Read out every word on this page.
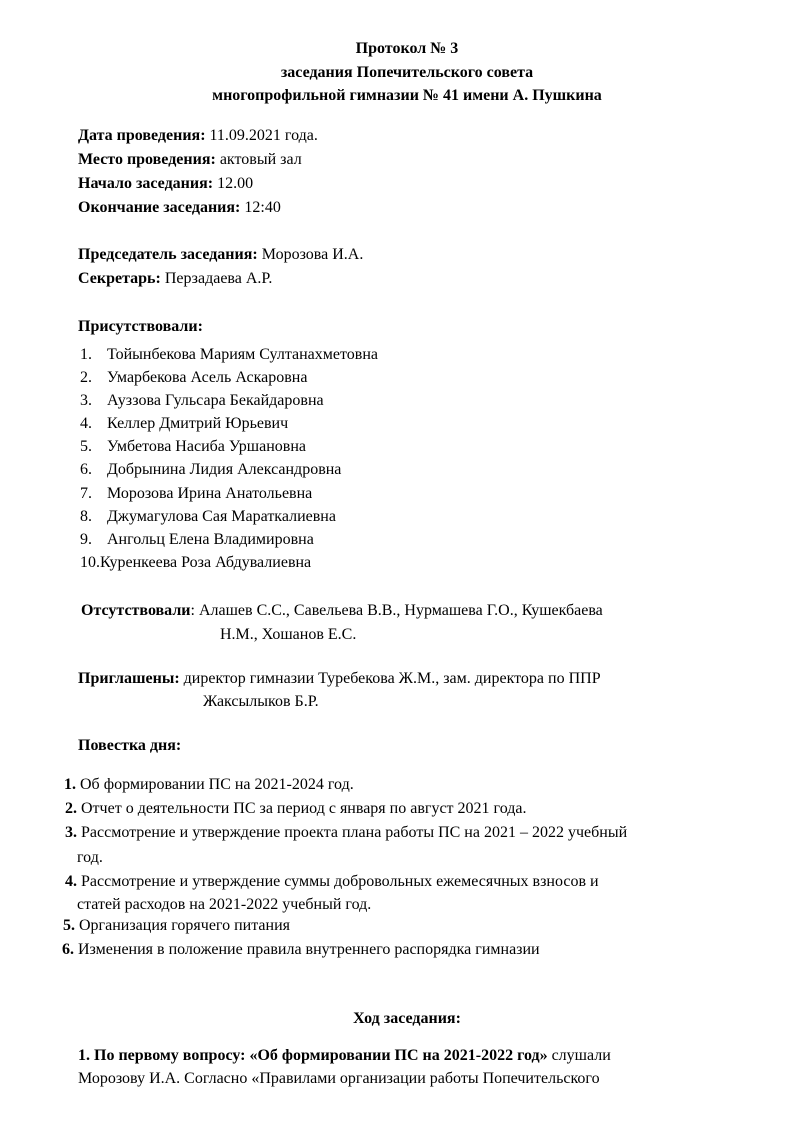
Протокол № 3
заседания Попечительского совета
многопрофильной гимназии № 41 имени А. Пушкина
Дата проведения: 11.09.2021 года.
Место проведения: актовый зал
Начало заседания: 12.00
Окончание заседания: 12:40
Председатель заседания: Морозова И.А.
Секретарь: Перзадаева А.Р.
Присутствовали:
1. Тойынбекова Мариям Султанахметовна
2. Умарбекова Асель Аскаровна
3. Ауззова Гульсара Бекайдаровна
4. Келлер Дмитрий Юрьевич
5. Умбетова Насиба Уршановна
6. Добрынина Лидия Александровна
7. Морозова Ирина Анатольевна
8. Джумагулова Сая Мараткалиевна
9. Ангольц Елена Владимировна
10.Куренкеева Роза Абдувалиевна
Отсутствовали: Алашев С.С., Савельева В.В., Нурмашева Г.О., Кушекбаева
Н.М., Хошанов Е.С.
Приглашены: директор гимназии Туребекова Ж.М., зам. директора по ППР
Жаксылыков Б.Р.
Повестка дня:
1. Об формировании ПС на 2021-2024 год.
2. Отчет о деятельности ПС за период с января по август 2021 года.
3. Рассмотрение и утверждение проекта плана работы ПС на 2021 – 2022 учебный
год.
4. Рассмотрение и утверждение суммы добровольных ежемесячных взносов и
статей расходов на 2021-2022 учебный год.
5. Организация горячего питания
6. Изменения в положение правила внутреннего распорядка гимназии
Ход заседания:
1. По первому вопросу: «Об формировании ПС на 2021-2022 год» слушали
Морозову И.А. Согласно «Правилами организации работы Попечительского
